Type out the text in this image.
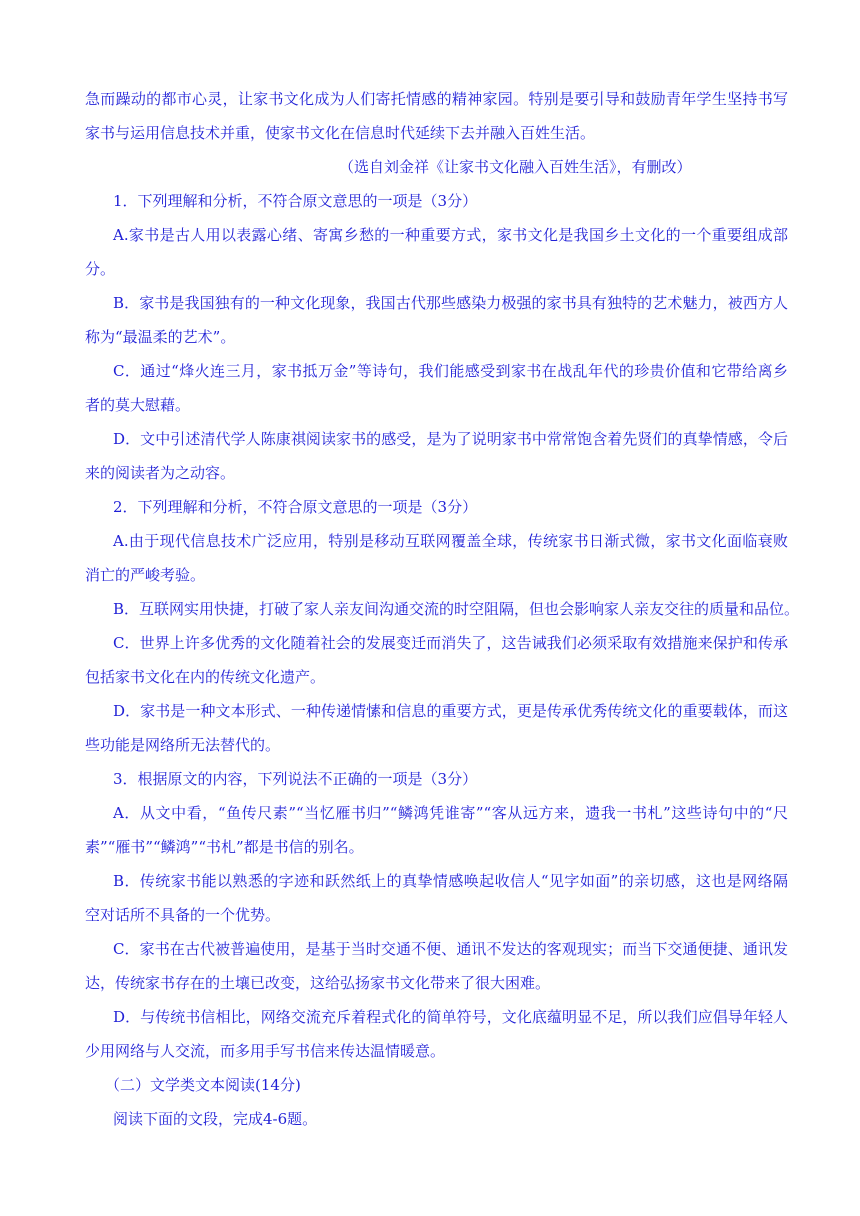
急而躁动的都市心灵，让家书文化成为人们寄托情感的精神家园。特别是要引导和鼓励青年学生坚持书写
家书与运用信息技术并重，使家书文化在信息时代延续下去并融入百姓生活。
（选自刘金祥《让家书文化融入百姓生活》，有删改）
1．下列理解和分析，不符合原文意思的一项是（3分）
A.家书是古人用以表露心绪、寄寓乡愁的一种重要方式，家书文化是我国乡土文化的一个重要组成部
分。
B．家书是我国独有的一种文化现象，我国古代那些感染力极强的家书具有独特的艺术魅力，被西方人
称为“最温柔的艺术”。
C．通过“烽火连三月，家书抵万金”等诗句，我们能感受到家书在战乱年代的珍贵价值和它带给离乡
者的莫大慰藉。
D．文中引述清代学人陈康祺阅读家书的感受，是为了说明家书中常常饱含着先贤们的真挚情感，令后
来的阅读者为之动容。
2．下列理解和分析，不符合原文意思的一项是（3分）
A.由于现代信息技术广泛应用，特别是移动互联网覆盖全球，传统家书日渐式微，家书文化面临衰败
消亡的严峻考验。
B．互联网实用快捷，打破了家人亲友间沟通交流的时空阻隔，但也会影响家人亲友交往的质量和品位。
C．世界上许多优秀的文化随着社会的发展变迁而消失了，这告诫我们必须采取有效措施来保护和传承
包括家书文化在内的传统文化遗产。
D．家书是一种文本形式、一种传递情愫和信息的重要方式，更是传承优秀传统文化的重要载体，而这
些功能是网络所无法替代的。
3．根据原文的内容，下列说法不正确的一项是（3分）
A．从文中看，“鱼传尺素”“当忆雁书归”“鳞鸿凭谁寄”“客从远方来，遗我一书札”这些诗句中的“尺
素”“雁书”“鳞鸿”“书札”都是书信的别名。
B．传统家书能以熟悉的字迹和跃然纸上的真挚情感唤起收信人“见字如面”的亲切感，这也是网络隔
空对话所不具备的一个优势。
C．家书在古代被普遍使用，是基于当时交通不便、通讯不发达的客观现实；而当下交通便捷、通讯发
达，传统家书存在的土壤已改变，这给弘扬家书文化带来了很大困难。
D．与传统书信相比，网络交流充斥着程式化的简单符号，文化底蕴明显不足，所以我们应倡导年轻人
少用网络与人交流，而多用手写书信来传达温情暖意。
（二）文学类文本阅读(14分)
阅读下面的文段，完成4-6题。
